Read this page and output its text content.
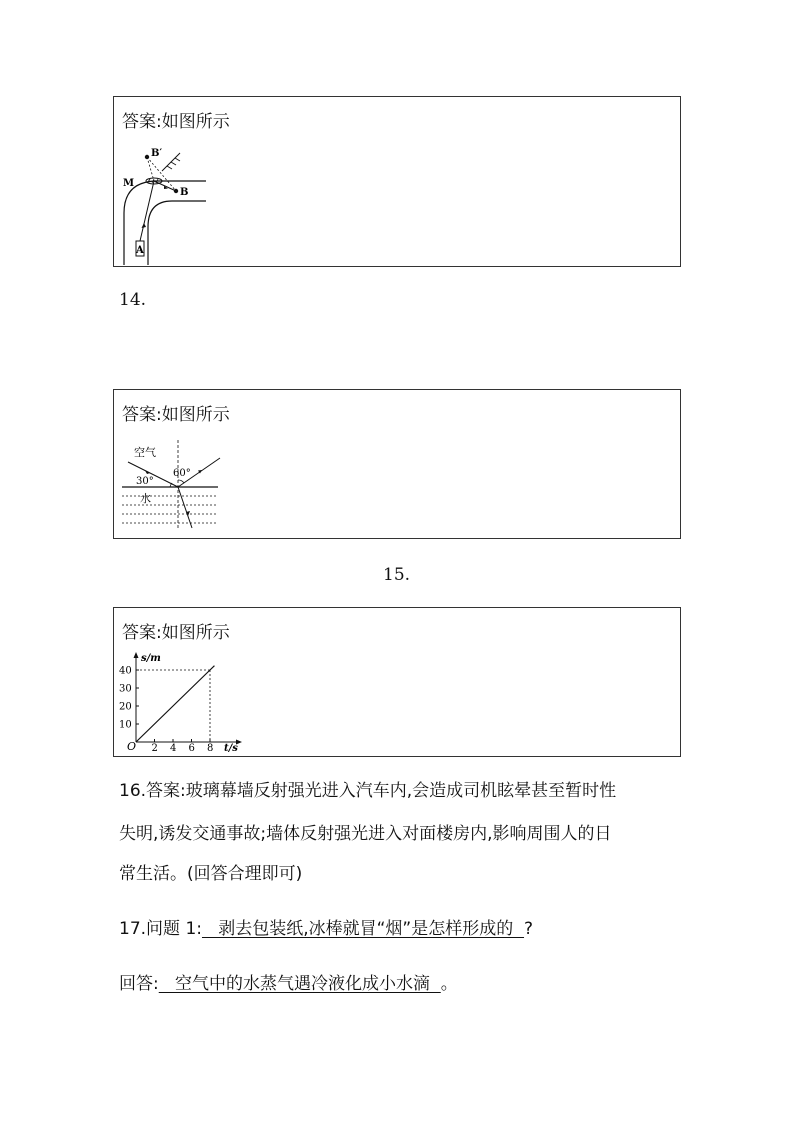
答案:如图所示
B′
M
B
A
14.
答案:如图所示
空气
水
30°
60°
15.
答案:如图所示
2 4 6 8
10
20
30
40
s/m
t/s
O
16.答案:玻璃幕墙反射强光进入汽车内,会造成司机眩晕甚至暂时性
失明,诱发交通事故;墙体反射强光进入对面楼房内,影响周围人的日
常生活。(回答合理即可)
17.问题 1:   剥去包装纸,冰棒就冒“烟”是怎样形成的  ?
回答:   空气中的水蒸气遇冷液化成小水滴  。
